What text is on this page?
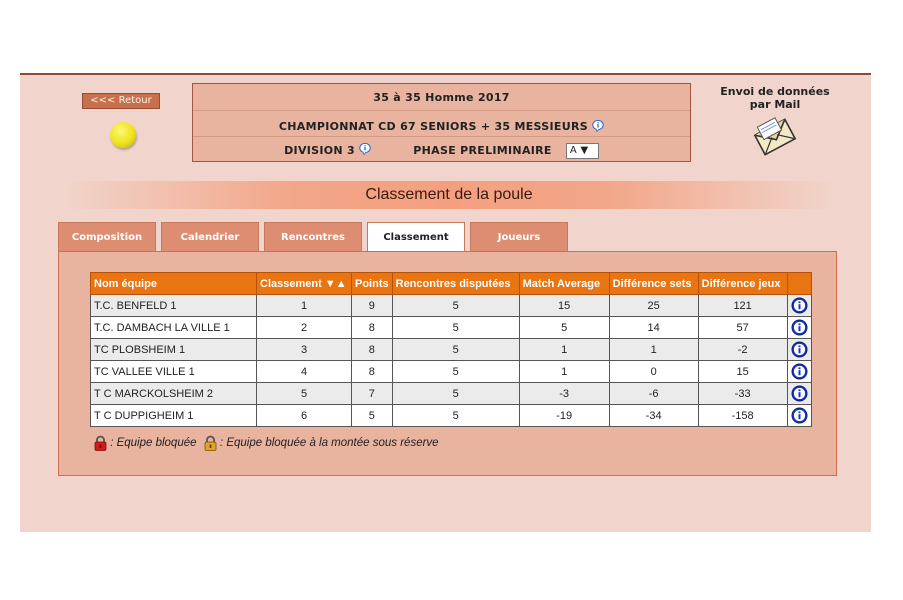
<<< Retour	35 à 35 Homme 2017
CHAMPIONNAT CD 67 SENIORS + 35 MESSIEURS
DIVISION 3	PHASE PRELIMINAIRE A ▼
Envoi de données
par Mail
Classement de la poule
Composition	Calendrier	Rencontres	Classement	Joueurs
Nom équipe	Classement ▼▲	Points	Rencontres disputées	Match Average	Différence sets	Différence jeux	
T.C. BENFELD 1	1	9	5	15	25	121	

T.C. DAMBACH LA VILLE 1	2	8	5	5	14	57	

TC PLOBSHEIM 1	3	8	5	1	1	-2	

TC VALLEE VILLE 1	4	8	5	1	0	15	

T C MARCKOLSHEIM 2	5	7	5	-3	-6	-33	

T C DUPPIGHEIM 1	6	5	5	-19	-34	-158	
: Equipe bloquée  : Equipe bloquée à la montée sous réserve
